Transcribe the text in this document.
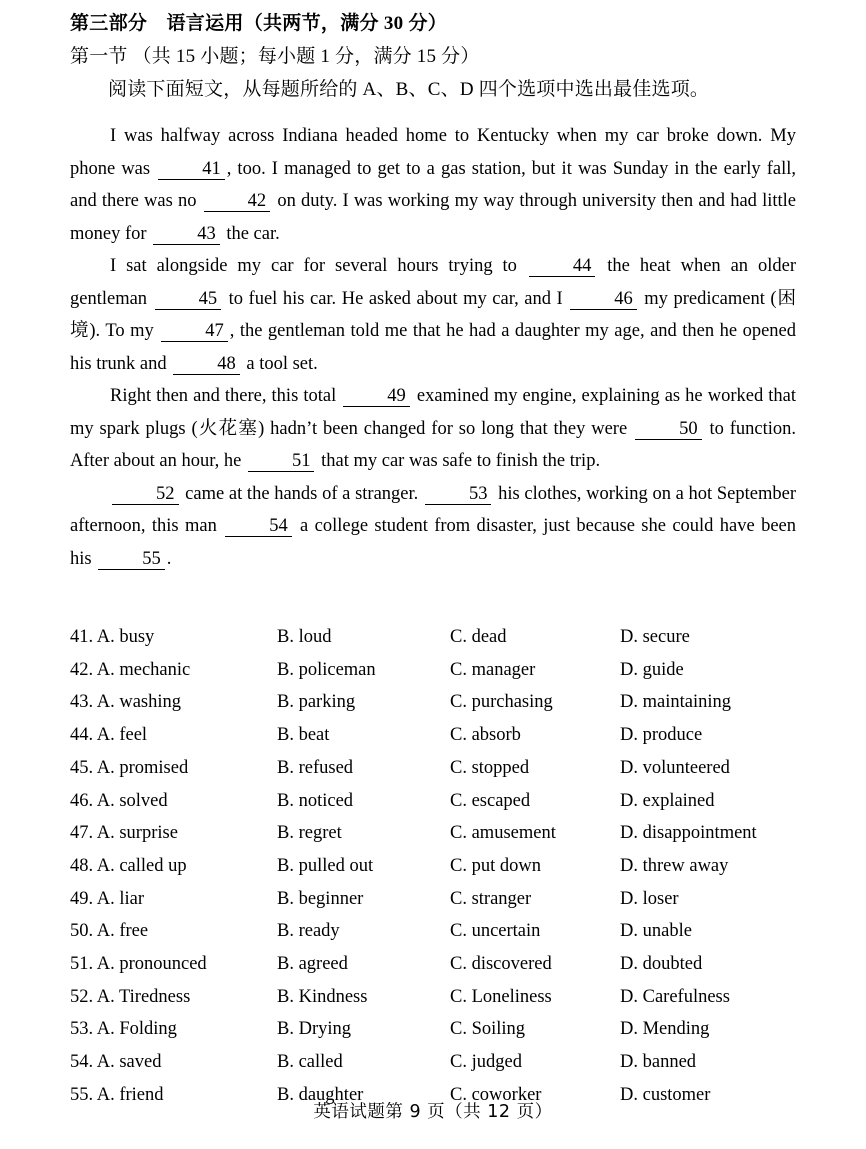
第三部分 语言运用（共两节，满分 30 分）
第一节 （共 15 小题；每小题 1 分，满分 15 分）
阅读下面短文，从每题所给的 A、B、C、D 四个选项中选出最佳选项。

I was halfway across Indiana headed home to Kentucky when my car broke down. My phone was 41 , too. I managed to get to a gas station, but it was Sunday in the early fall, and there was no 42 on duty. I was working my way through university then and had little money for 43 the car.

I sat alongside my car for several hours trying to 44 the heat when an older gentleman 45 to fuel his car. He asked about my car, and I 46 my predicament (困境). To my 47 , the gentleman told me that he had a daughter my age, and then he opened his trunk and 48 a tool set.

Right then and there, this total 49 examined my engine, explaining as he worked that my spark plugs (火花塞) hadn’t been changed for so long that they were 50 to function. After about an hour, he 51 that my car was safe to finish the trip.

52 came at the hands of a stranger. 53 his clothes, working on a hot September afternoon, this man 54 a college student from disaster, just because she could have been his 55 .

41. A. busy	B. loud	C. dead	D. secure
42. A. mechanic	B. policeman	C. manager	D. guide
43. A. washing	B. parking	C. purchasing	D. maintaining
44. A. feel	B. beat	C. absorb	D. produce
45. A. promised	B. refused	C. stopped	D. volunteered
46. A. solved	B. noticed	C. escaped	D. explained
47. A. surprise	B. regret	C. amusement	D. disappointment
48. A. called up	B. pulled out	C. put down	D. threw away
49. A. liar	B. beginner	C. stranger	D. loser
50. A. free	B. ready	C. uncertain	D. unable
51. A. pronounced	B. agreed	C. discovered	D. doubted
52. A. Tiredness	B. Kindness	C. Loneliness	D. Carefulness
53. A. Folding	B. Drying	C. Soiling	D. Mending
54. A. saved	B. called	C. judged	D. banned
55. A. friend	B. daughter	C. coworker	D. customer
英语试题第 9 页（共 12 页）
